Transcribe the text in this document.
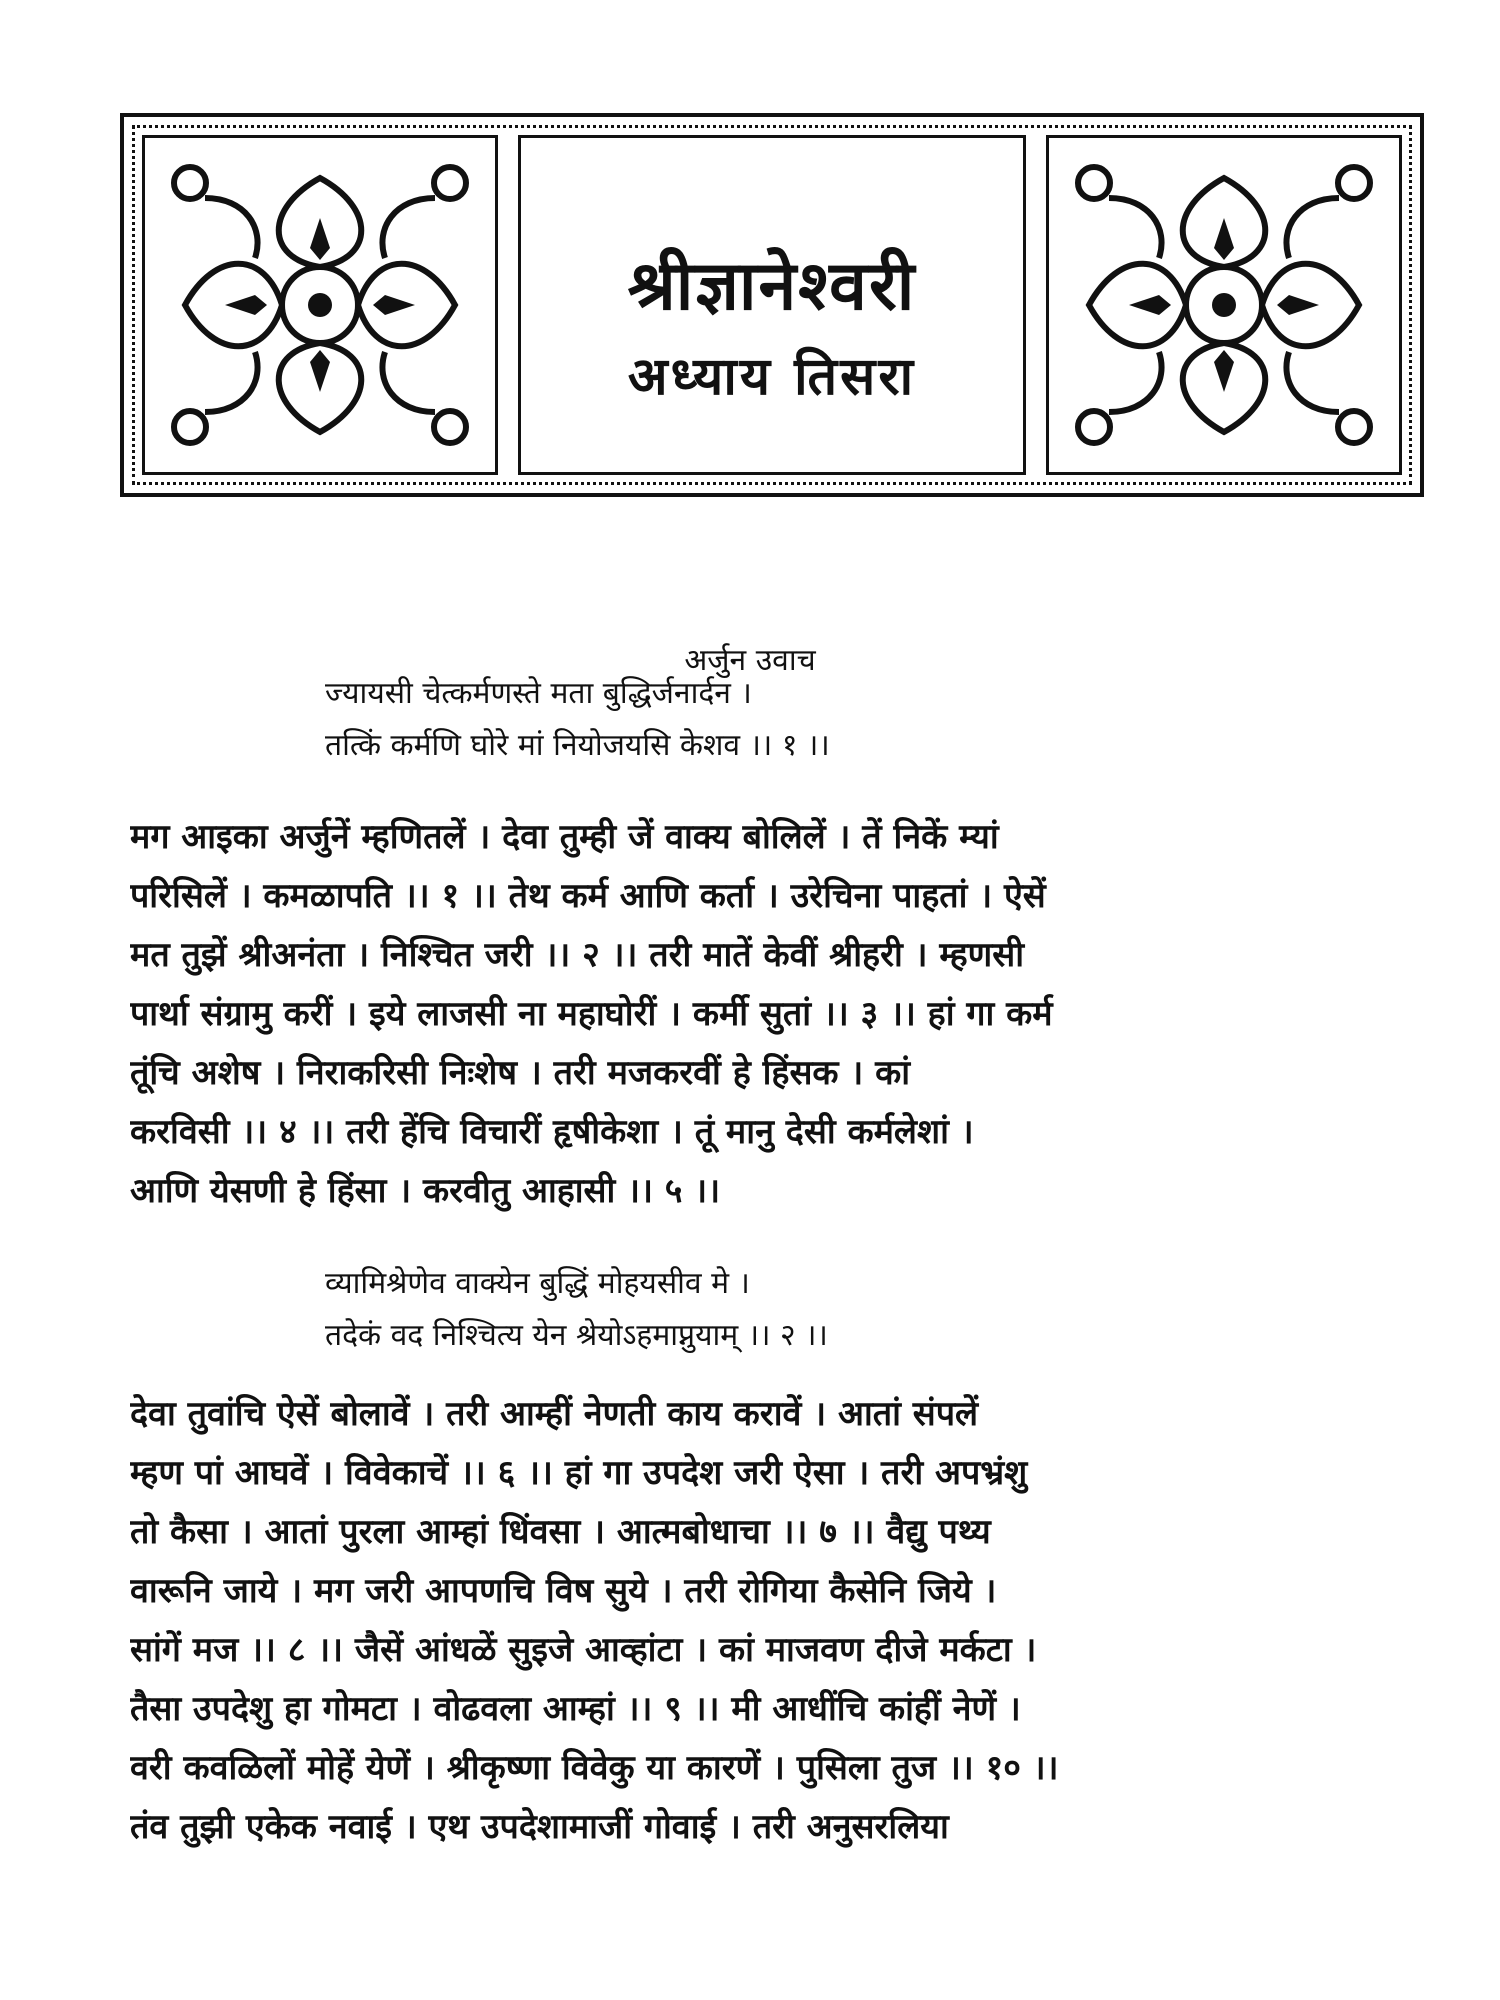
श्रीज्ञानेश्वरी
अध्याय तिसरा
अर्जुन उवाच
ज्यायसी चेत्कर्मणस्ते मता बुद्धिर्जनार्दन ।
तत्किं कर्मणि घोरे मां नियोजयसि केशव ।। १ ।।
मग आइका अर्जुनें म्हणितलें । देवा तुम्ही जें वाक्य बोलिलें । तें निकें म्यां
परिसिलें । कमळापति ।। १ ।। तेथ कर्म आणि कर्ता । उरेचिना पाहतां । ऐसें
मत तुझें श्रीअनंता । निश्चित जरी ।। २ ।। तरी मातें केवीं श्रीहरी । म्हणसी
पार्था संग्रामु करीं । इये लाजसी ना महाघोरीं । कर्मी सुतां ।। ३ ।। हां गा कर्म
तूंचि अशेष । निराकरिसी निःशेष । तरी मजकरवीं हे हिंसक । कां
करविसी ।। ४ ।। तरी हेंचि विचारीं हृषीकेशा । तूं मानु देसी कर्मलेशां ।
आणि येसणी हे हिंसा । करवीतु आहासी ।। ५ ।।
व्यामिश्रेणेव वाक्येन बुद्धिं मोहयसीव मे ।
तदेकं वद निश्चित्य येन श्रेयोऽहमाप्नुयाम् ।। २ ।।
देवा तुवांचि ऐसें बोलावें । तरी आम्हीं नेणती काय करावें । आतां संपलें
म्हण पां आघवें । विवेकाचें ।। ६ ।। हां गा उपदेश जरी ऐसा । तरी अपभ्रंशु
तो कैसा । आतां पुरला आम्हां धिंवसा । आत्मबोधाचा ।। ७ ।। वैद्यु पथ्य
वारूनि जाये । मग जरी आपणचि विष सुये । तरी रोगिया कैसेनि जिये ।
सांगें मज ।। ८ ।। जैसें आंधळें सुइजे आव्हांटा । कां माजवण दीजे मर्कटा ।
तैसा उपदेशु हा गोमटा । वोढवला आम्हां ।। ९ ।। मी आधींचि कांहीं नेणें ।
वरी कवळिलों मोहें येणें । श्रीकृष्णा विवेकु या कारणें । पुसिला तुज ।। १० ।।
तंव तुझी एकेक नवाई । एथ उपदेशामाजीं गोवाई । तरी अनुसरलिया
